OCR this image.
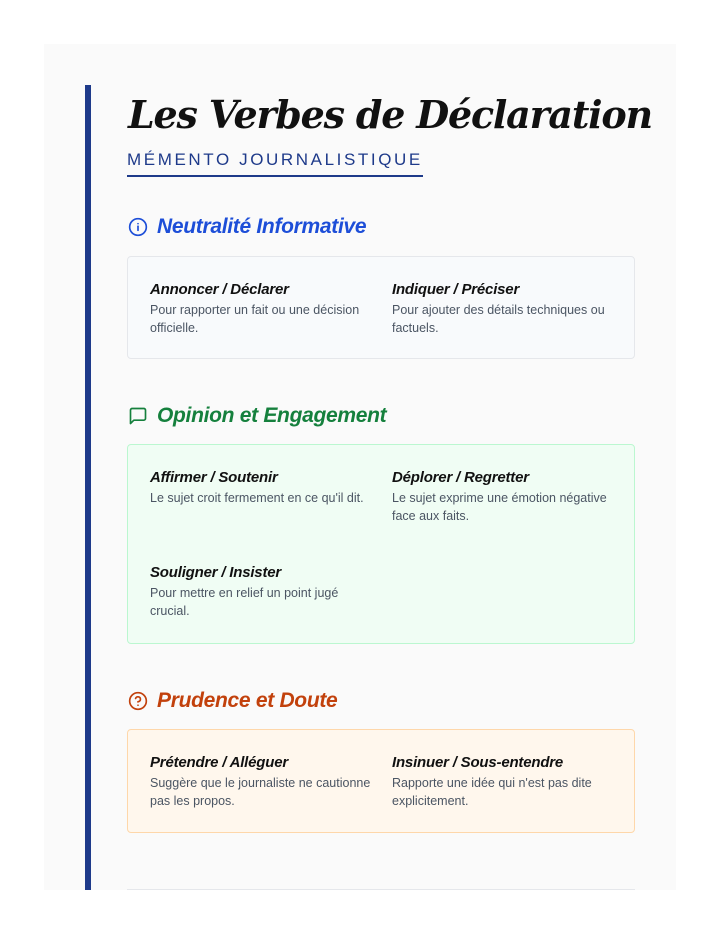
Les Verbes de Déclaration
MÉMENTO JOURNALISTIQUE
Neutralité Informative

Annoncer / Déclarer

Pour rapporter un fait ou une décision officielle.

Indiquer / Préciser

Pour ajouter des détails techniques ou factuels.

Opinion et Engagement

Affirmer / Soutenir

Le sujet croit fermement en ce qu'il dit.

Déplorer / Regretter

Le sujet exprime une émotion négative face aux faits.

Souligner / Insister

Pour mettre en relief un point jugé crucial.

Prudence et Doute

Prétendre / Alléguer

Suggère que le journaliste ne cautionne pas les propos.

Insinuer / Sous-entendre

Rapporte une idée qui n'est pas dite explicitement.
